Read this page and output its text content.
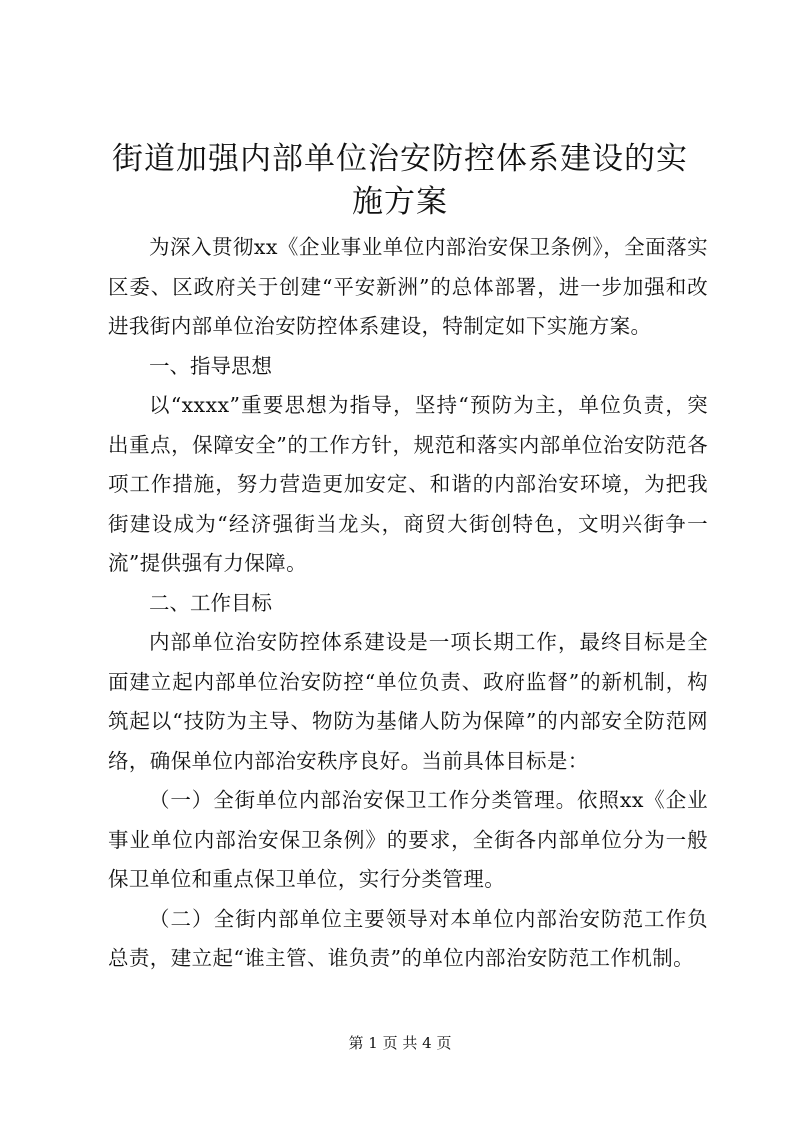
街道加强内部单位治安防控体系建设的实施方案

为深入贯彻xx《企业事业单位内部治安保卫条例》，全面落实区委、区政府关于创建“平安新洲”的总体部署，进一步加强和改进我街内部单位治安防控体系建设，特制定如下实施方案。

一、指导思想

以“xxxx”重要思想为指导，坚持“预防为主，单位负责，突出重点，保障安全”的工作方针，规范和落实内部单位治安防范各项工作措施，努力营造更加安定、和谐的内部治安环境，为把我街建设成为“经济强街当龙头，商贸大街创特色，文明兴街争一流”提供强有力保障。

二、工作目标

内部单位治安防控体系建设是一项长期工作，最终目标是全面建立起内部单位治安防控“单位负责、政府监督”的新机制，构筑起以“技防为主导、物防为基储人防为保障”的内部安全防范网络，确保单位内部治安秩序良好。当前具体目标是：

（一）全街单位内部治安保卫工作分类管理。依照xx《企业事业单位内部治安保卫条例》的要求，全街各内部单位分为一般保卫单位和重点保卫单位，实行分类管理。

（二）全街内部单位主要领导对本单位内部治安防范工作负总责，建立起“谁主管、谁负责”的单位内部治安防范工作机制。

第 1 页 共 4 页
